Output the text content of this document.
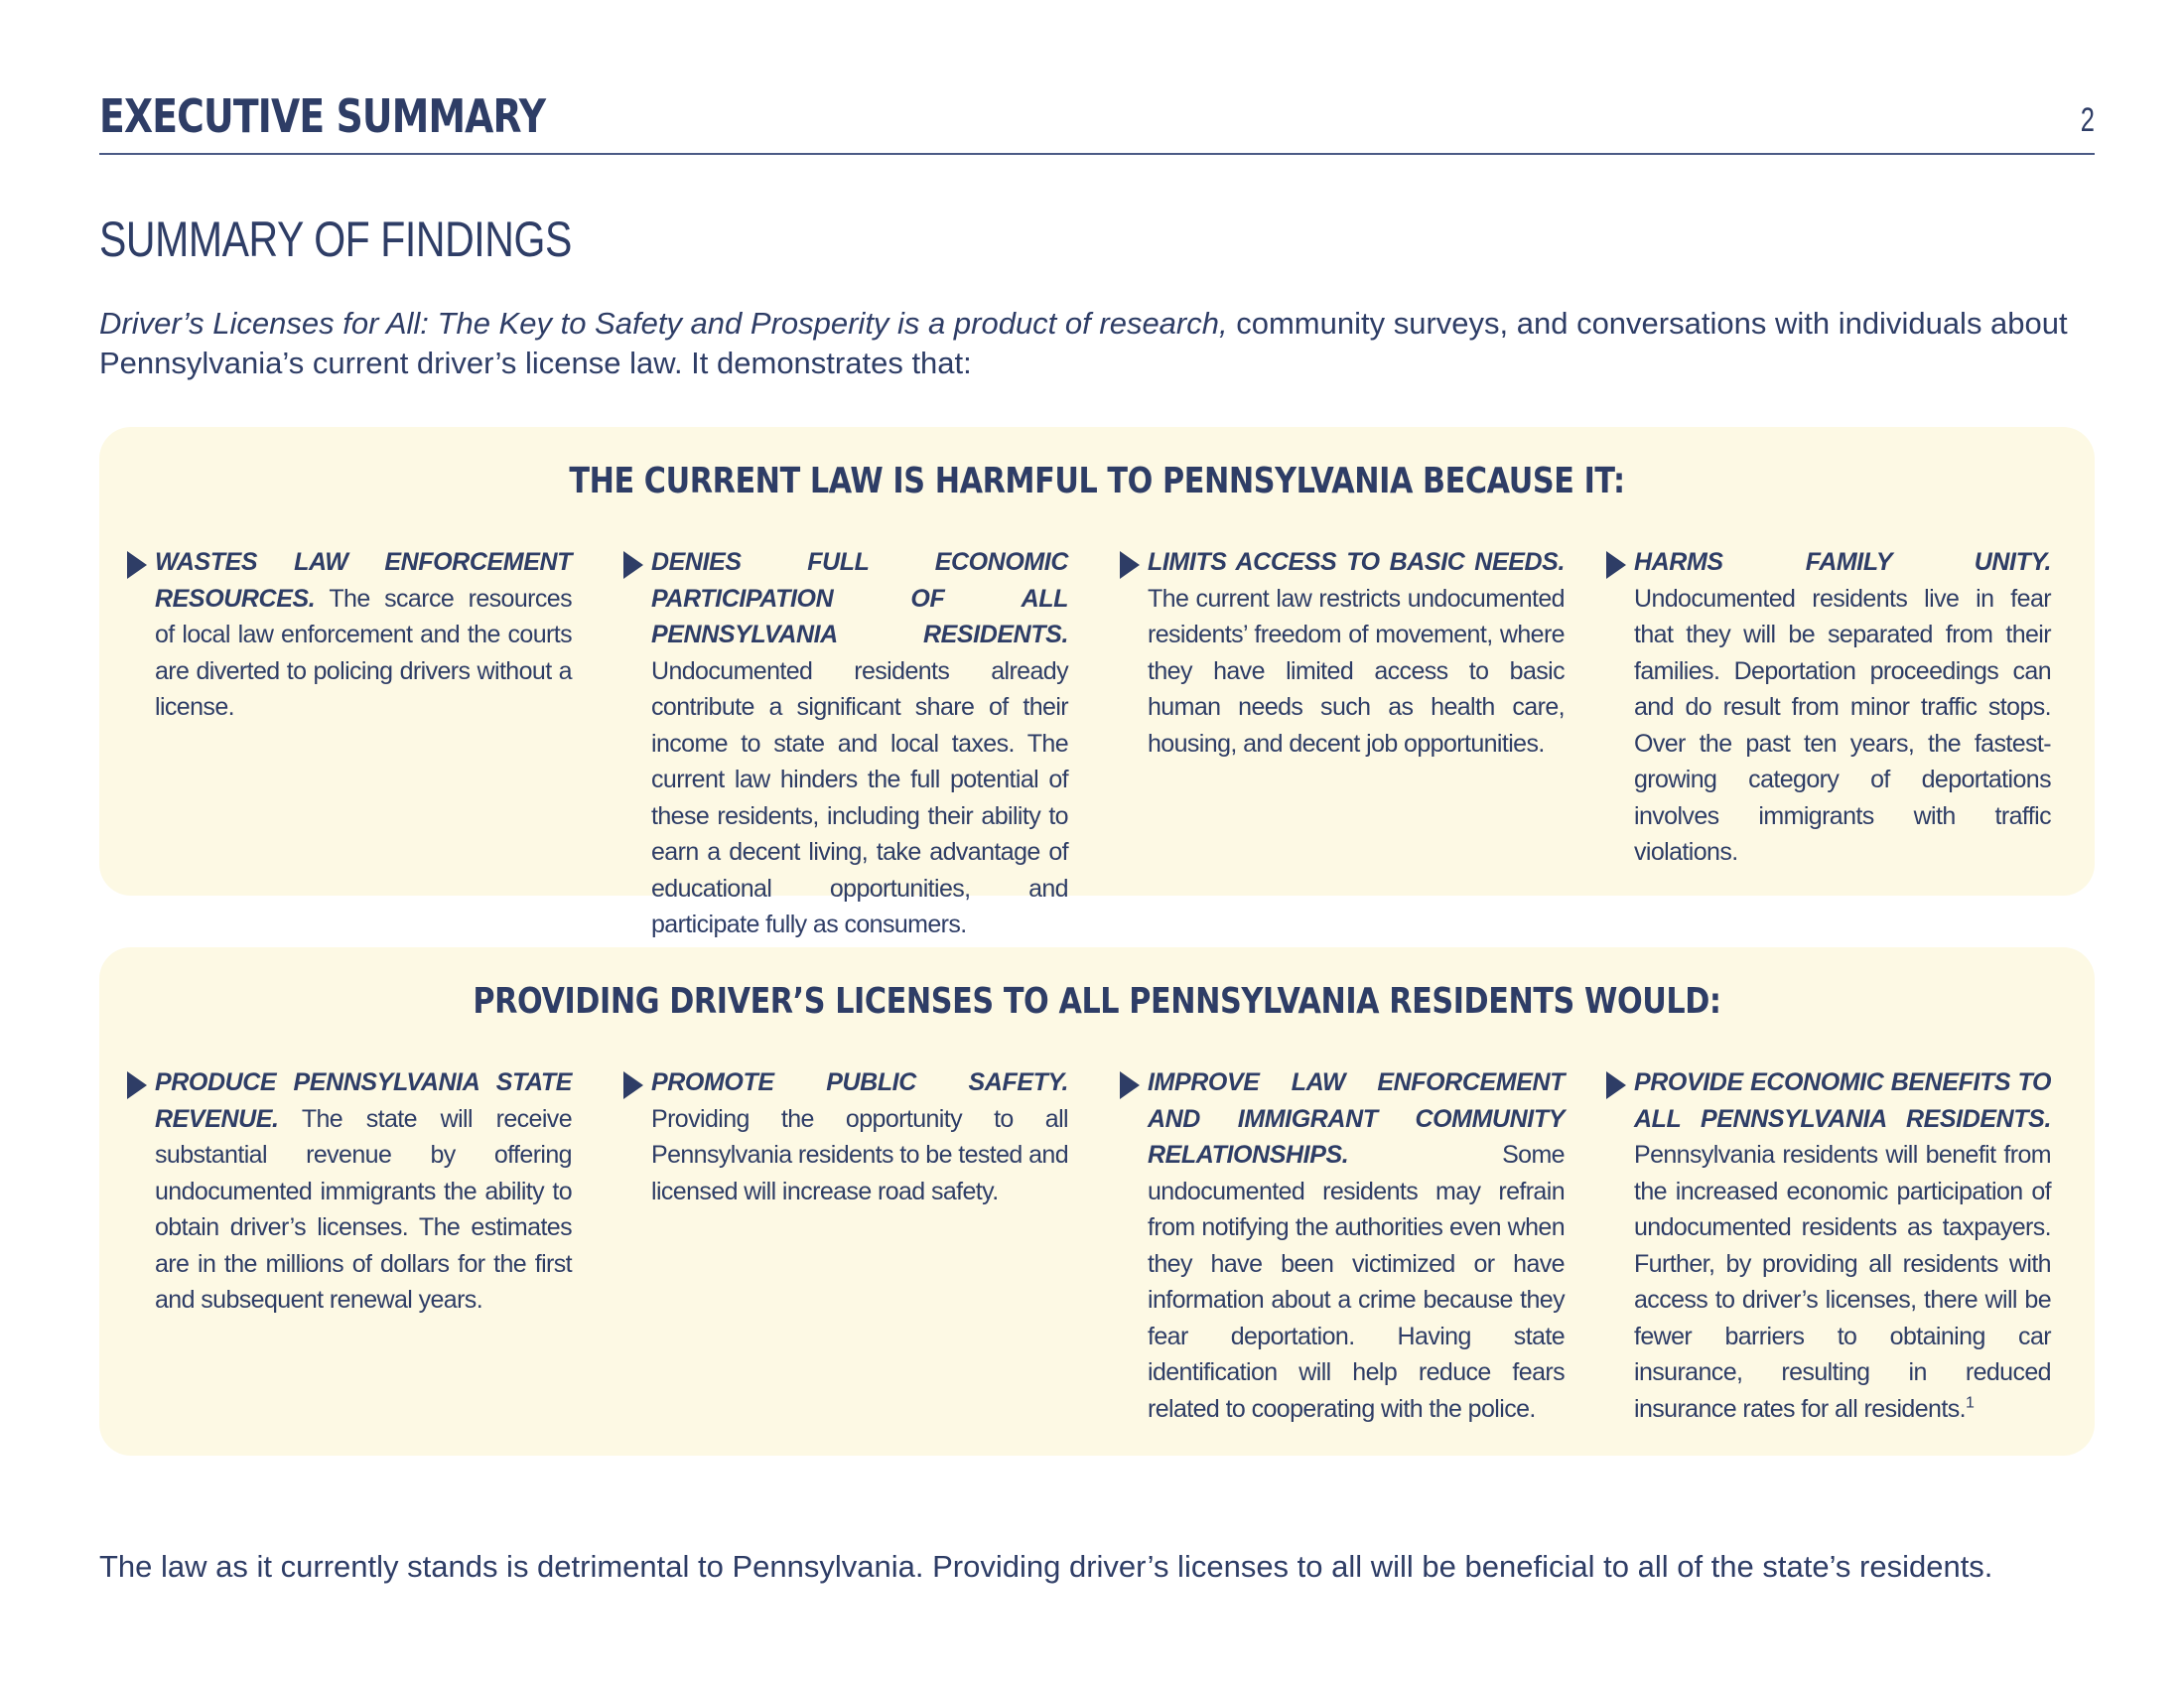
EXECUTIVE SUMMARY	2
SUMMARY OF FINDINGS
Driver’s Licenses for All: The Key to Safety and Prosperity is a product of research, community surveys, and conversations with individuals about Pennsylvania’s current driver’s license law. It demonstrates that:
THE CURRENT LAW IS HARMFUL TO PENNSYLVANIA BECAUSE IT:
WASTES LAW ENFORCEMENT RESOURCES. The scarce resources of local law enforcement and the courts are diverted to policing drivers without a license.
DENIES FULL ECONOMIC PARTICIPATION OF ALL PENNSYLVANIA RESIDENTS. Undocumented residents already contribute a significant share of their income to state and local taxes. The current law hinders the full potential of these residents, including their ability to earn a decent living, take advantage of educational opportunities, and participate fully as consumers.
LIMITS ACCESS TO BASIC NEEDS. The current law restricts undocumented residents’ freedom of movement, where they have limited access to basic human needs such as health care, housing, and decent job opportunities.
HARMS FAMILY UNITY. Undocumented residents live in fear that they will be separated from their families. Deportation proceedings can and do result from minor traffic stops. Over the past ten years, the fastest-growing category of deportations involves immigrants with traffic violations.
PROVIDING DRIVER’S LICENSES TO ALL PENNSYLVANIA RESIDENTS WOULD:
PRODUCE PENNSYLVANIA STATE REVENUE. The state will receive substantial revenue by offering undocumented immigrants the ability to obtain driver’s licenses. The estimates are in the millions of dollars for the first and subsequent renewal years.
PROMOTE PUBLIC SAFETY. Providing the opportunity to all Pennsylvania residents to be tested and licensed will increase road safety.
IMPROVE LAW ENFORCEMENT AND IMMIGRANT COMMUNITY RELATIONSHIPS. Some undocumented residents may refrain from notifying the authorities even when they have been victimized or have information about a crime because they fear deportation. Having state identification will help reduce fears related to cooperating with the police.
PROVIDE ECONOMIC BENEFITS TO ALL PENNSYLVANIA RESIDENTS. Pennsylvania residents will benefit from the increased economic participation of undocumented residents as taxpayers. Further, by providing all residents with access to driver’s licenses, there will be fewer barriers to obtaining car insurance, resulting in reduced insurance rates for all residents.$^1$
The law as it currently stands is detrimental to Pennsylvania. Providing driver’s licenses to all will be beneficial to all of the state’s residents.
